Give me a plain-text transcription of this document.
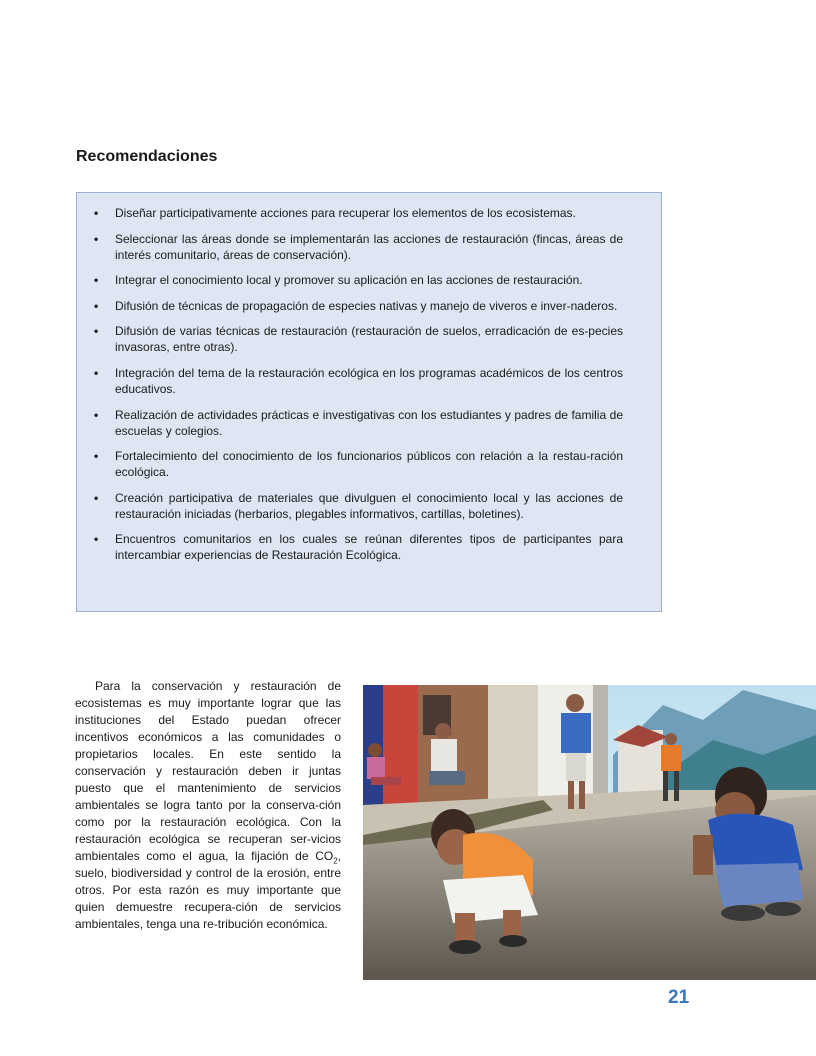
Recomendaciones
• Diseñar participativamente acciones para recuperar los elementos de los ecosistemas.
• Seleccionar las áreas donde se implementarán las acciones de restauración (fincas, áreas de interés comunitario, áreas de conservación).
• Integrar el conocimiento local y promover su aplicación en las acciones de restauración.
• Difusión de técnicas de propagación de especies nativas y manejo de viveros e inver-naderos.
• Difusión de varias técnicas de restauración (restauración de suelos, erradicación de es-pecies invasoras, entre otras).
• Integración del tema de la restauración ecológica en los programas académicos de los centros educativos.
• Realización de actividades prácticas e investigativas con los estudiantes y padres de familia de escuelas y colegios.
• Fortalecimiento del conocimiento de los funcionarios públicos con relación a la restau-ración ecológica.
• Creación participativa de materiales que divulguen el conocimiento local y las acciones de restauración iniciadas (herbarios, plegables informativos, cartillas, boletines).
• Encuentros comunitarios en los cuales se reúnan diferentes tipos de participantes para intercambiar experiencias de Restauración Ecológica.

Para la conservación y restauración de ecosistemas es muy importante lograr que las instituciones del Estado puedan ofrecer incentivos económicos a las comunidades o propietarios locales. En este sentido la conservación y restauración deben ir juntas puesto que el mantenimiento de servicios ambientales se logra tanto por la conserva-ción como por la restauración ecológica. Con la restauración ecológica se recuperan ser-vicios ambientales como el agua, la fijación de $CO_2$, suelo, biodiversidad y control de la erosión, entre otros. Por esta razón es muy importante que quien demuestre recupera-ción de servicios ambientales, tenga una re-tribución económica.

21
